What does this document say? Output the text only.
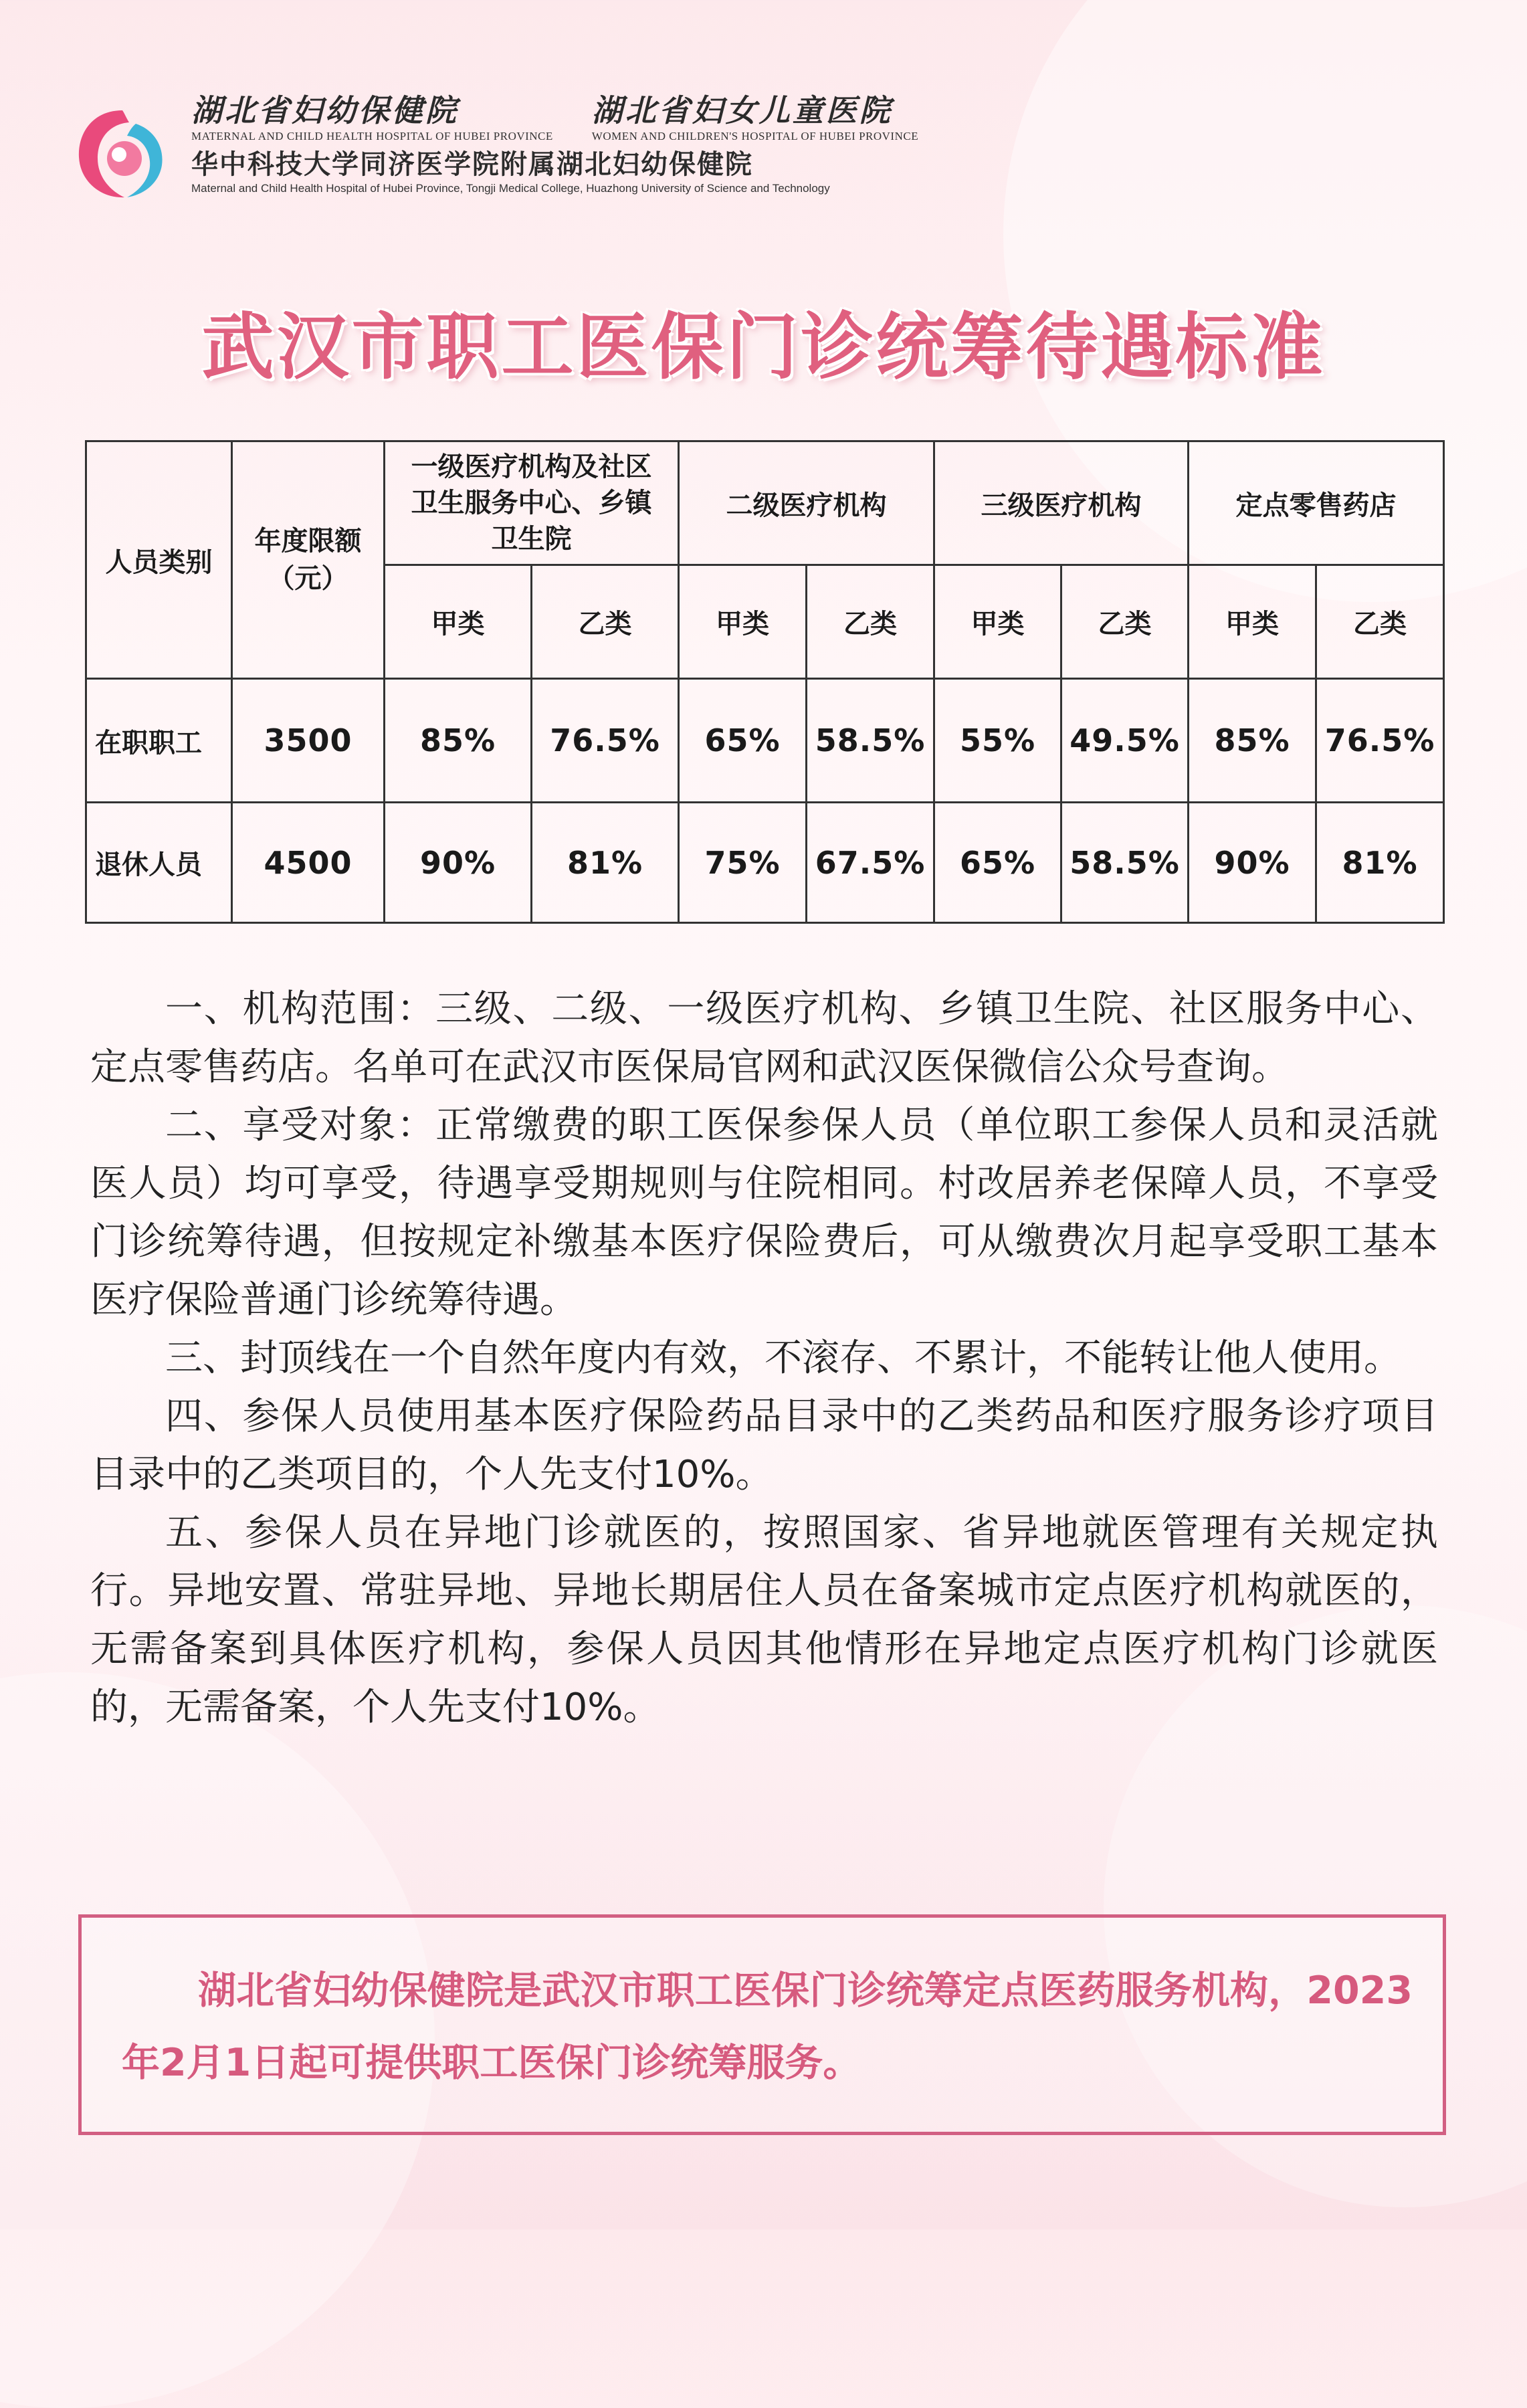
湖北省妇幼保健院
MATERNAL AND CHILD HEALTH HOSPITAL OF HUBEI PROVINCE
湖北省妇女儿童医院
WOMEN AND CHILDREN'S HOSPITAL OF HUBEI PROVINCE
华中科技大学同济医学院附属湖北妇幼保健院
Maternal and Child Health Hospital of Hubei Province, Tongji Medical College, Huazhong University of Science and Technology
武汉市职工医保门诊统筹待遇标准
人员类别	年度限额（元）	一级医疗机构及社区卫生服务中心、乡镇卫生院		二级医疗机构		三级医疗机构		定点零售药店	
		甲类	乙类	甲类	乙类	甲类	乙类	甲类	乙类
在职职工	3500	85%	76.5%	65%	58.5%	55%	49.5%	85%	76.5%
退休人员	4500	90%	81%	75%	67.5%	65%	58.5%	90%	81%

一、机构范围：三级、二级、一级医疗机构、乡镇卫生院、社区服务中心、定点零售药店。名单可在武汉市医保局官网和武汉医保微信公众号查询。

二、享受对象：正常缴费的职工医保参保人员（单位职工参保人员和灵活就医人员）均可享受，待遇享受期规则与住院相同。村改居养老保障人员，不享受门诊统筹待遇，但按规定补缴基本医疗保险费后，可从缴费次月起享受职工基本医疗保险普通门诊统筹待遇。

三、封顶线在一个自然年度内有效，不滚存、不累计，不能转让他人使用。

四、参保人员使用基本医疗保险药品目录中的乙类药品和医疗服务诊疗项目目录中的乙类项目的，个人先支付10%。

五、参保人员在异地门诊就医的，按照国家、省异地就医管理有关规定执行。异地安置、常驻异地、异地长期居住人员在备案城市定点医疗机构就医的，无需备案到具体医疗机构，参保人员因其他情形在异地定点医疗机构门诊就医的，无需备案，个人先支付10%。

湖北省妇幼保健院是武汉市职工医保门诊统筹定点医药服务机构，2023年2月1日起可提供职工医保门诊统筹服务。
